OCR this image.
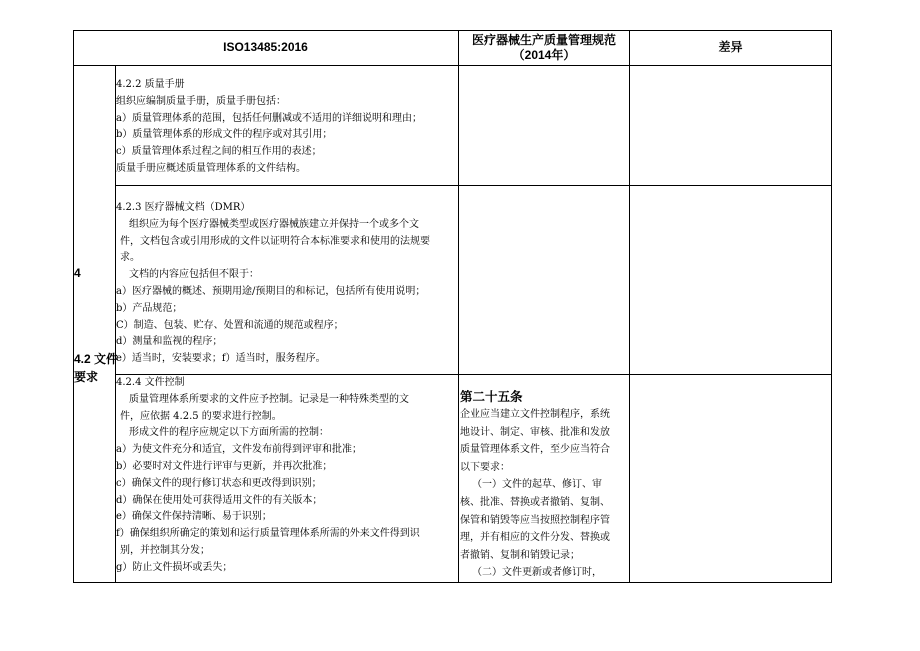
ISO13485:2016
医疗器械生产质量管理规范（2014年）
差异
4
4.2 文件
要求
4.2.2 质量手册
组织应编制质量手册，质量手册包括：
a）质量管理体系的范围，包括任何删减或不适用的详细说明和理由；
b）质量管理体系的形成文件的程序或对其引用；
c）质量管理体系过程之间的相互作用的表述；
质量手册应概述质量管理体系的文件结构。
4.2.3 医疗器械文档（DMR）
组织应为每个医疗器械类型或医疗器械族建立并保持一个或多个文
件，文档包含或引用形成的文件以证明符合本标准要求和使用的法规要
求。
文档的内容应包括但不限于：
a）医疗器械的概述、预期用途/预期目的和标记，包括所有使用说明；
b）产品规范；
C）制造、包装、贮存、处置和流通的规范或程序；
d）测量和监视的程序；
e）适当时，安装要求；f）适当时，服务程序。
4.2.4 文件控制
质量管理体系所要求的文件应予控制。记录是一种特殊类型的文
件，应依据 4.2.5 的要求进行控制。
形成文件的程序应规定以下方面所需的控制：
a）为使文件充分和适宜，文件发布前得到评审和批准；
b）必要时对文件进行评审与更新，并再次批准；
c）确保文件的现行修订状态和更改得到识别；
d）确保在使用处可获得适用文件的有关版本；
e）确保文件保持清晰、易于识别；
f）确保组织所确定的策划和运行质量管理体系所需的外来文件得到识
别，并控制其分发；
g）防止文件损坏或丢失；
第二十五条
企业应当建立文件控制程序，系统
地设计、制定、审核、批准和发放
质量管理体系文件，至少应当符合
以下要求：
（一）文件的起草、修订、审
核、批准、替换或者撤销、复制、
保管和销毁等应当按照控制程序管
理，并有相应的文件分发、替换或
者撤销、复制和销毁记录；
（二）文件更新或者修订时，
